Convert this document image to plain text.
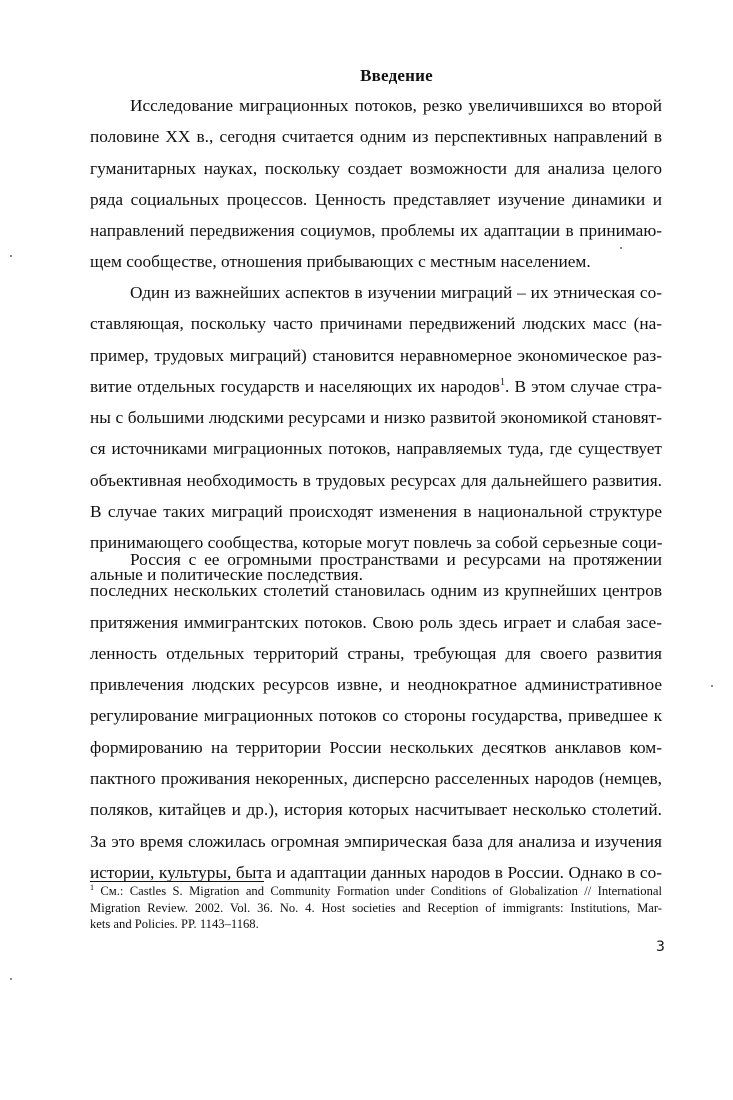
Введение
Исследование миграционных потоков, резко увеличившихся во второй
половине XX в., сегодня считается одним из перспективных направлений в
гуманитарных науках, поскольку создает возможности для анализа целого
ряда социальных процессов. Ценность представляет изучение динамики и
направлений передвижения социумов, проблемы их адаптации в принимаю-
щем сообществе, отношения прибывающих с местным населением.
Один из важнейших аспектов в изучении миграций – их этническая со-
ставляющая, поскольку часто причинами передвижений людских масс (на-
пример, трудовых миграций) становится неравномерное экономическое раз-
витие отдельных государств и населяющих их народов$^1$. В этом случае стра-
ны с большими людскими ресурсами и низко развитой экономикой становят-
ся источниками миграционных потоков, направляемых туда, где существует
объективная необходимость в трудовых ресурсах для дальнейшего развития.
В случае таких миграций происходят изменения в национальной структуре
принимающего сообщества, которые могут повлечь за собой серьезные соци-
альные и политические последствия.
Россия с ее огромными пространствами и ресурсами на протяжении
последних нескольких столетий становилась одним из крупнейших центров
притяжения иммигрантских потоков. Свою роль здесь играет и слабая засе-
ленность отдельных территорий страны, требующая для своего развития
привлечения людских ресурсов извне, и неоднократное административное
регулирование миграционных потоков со стороны государства, приведшее к
формированию на территории России нескольких десятков анклавов ком-
пактного проживания некоренных, дисперсно расселенных народов (немцев,
поляков, китайцев и др.), история которых насчитывает несколько столетий.
За это время сложилась огромная эмпирическая база для анализа и изучения
истории, культуры, быта и адаптации данных народов в России. Однако в со-
$^1$ См.: Castles S. Migration and Community Formation under Conditions of Globalization // International
Migration Review. 2002. Vol. 36. No. 4. Host societies and Reception of immigrants: Institutions, Mar-
kets and Policies. PP. 1143–1168.
3
